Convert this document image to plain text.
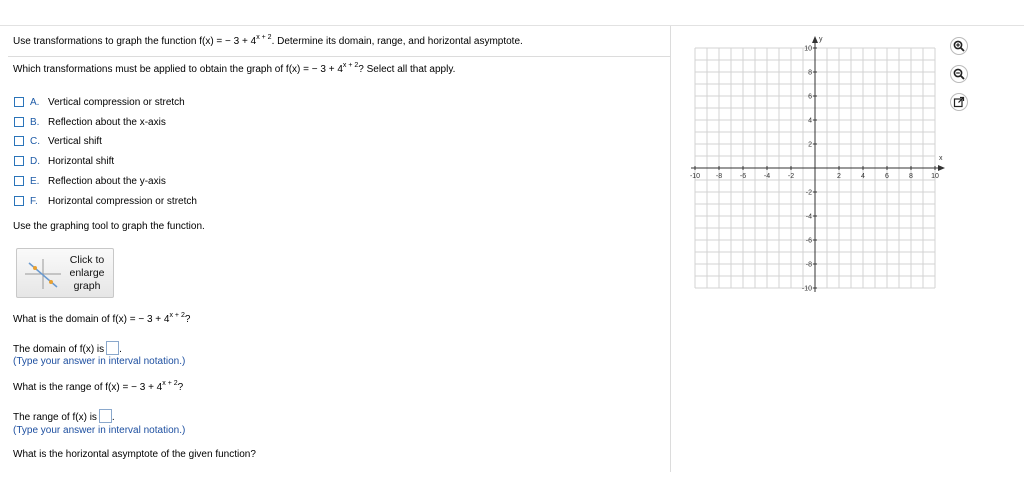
Use transformations to graph the function f(x) = − $3 + 4^{x + 2}$. Determine its domain, range, and horizontal asymptote.
Which transformations must be applied to obtain the graph of f(x) = − $3 + 4^{x + 2}$? Select all that apply.
A. Vertical compression or stretch
B. Reflection about the x-axis
C. Vertical shift
D. Horizontal shift
E. Reflection about the y-axis
F.	Horizontal compression or stretch
Use the graphing tool to graph the function.
Click to
enlarge
graph
What is the domain of f(x) = − $3 + 4^{x + 2}$?
The domain of f(x) is .
(Type your answer in interval notation.)
What is the range of f(x) = − $3 + 4^{x + 2}$?
The range of f(x) is .
(Type your answer in interval notation.)
What is the horizontal asymptote of the given function?
x
y
-10 -8	-6	-4	-2	2	4	6	8	10
10
8
6
4
2
-2
-4
-6
-8
-10
